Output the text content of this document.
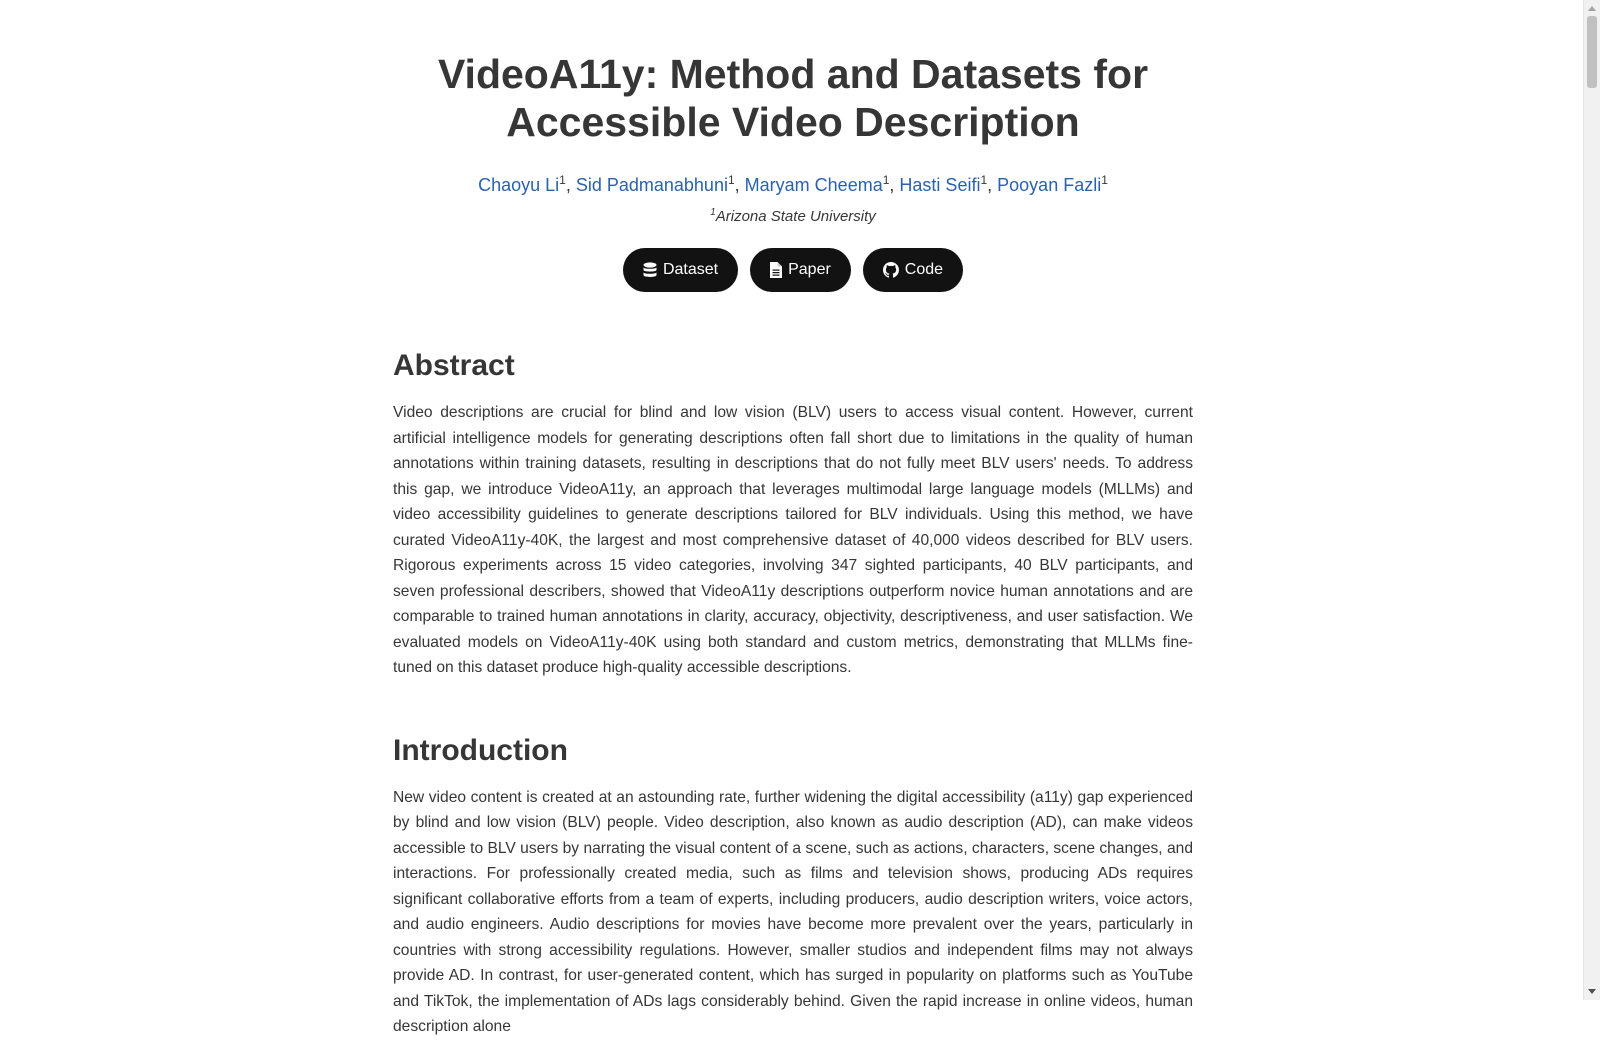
VideoA11y: Method and Datasets for Accessible Video Description
Chaoyu Li$^1$, Sid Padmanabhuni$^1$, Maryam Cheema$^1$, Hasti Seifi$^1$, Pooyan Fazli$^1$
$^1$Arizona State University
Dataset
	Paper
	Code
Abstract

Video descriptions are crucial for blind and low vision (BLV) users to access visual content. However, current artificial intelligence models for generating descriptions often fall short due to limitations in the quality of human annotations within training datasets, resulting in descriptions that do not fully meet BLV users' needs. To address this gap, we introduce VideoA11y, an approach that leverages multimodal large language models (MLLMs) and video accessibility guidelines to generate descriptions tailored for BLV individuals. Using this method, we have curated VideoA11y-40K, the largest and most comprehensive dataset of 40,000 videos described for BLV users. Rigorous experiments across 15 video categories, involving 347 sighted participants, 40 BLV participants, and seven professional describers, showed that VideoA11y descriptions outperform novice human annotations and are comparable to trained human annotations in clarity, accuracy, objectivity, descriptiveness, and user satisfaction. We evaluated models on VideoA11y-40K using both standard and custom metrics, demonstrating that MLLMs fine-tuned on this dataset produce high-quality accessible descriptions.

Introduction

New video content is created at an astounding rate, further widening the digital accessibility (a11y) gap experienced by blind and low vision (BLV) people. Video description, also known as audio description (AD), can make videos accessible to BLV users by narrating the visual content of a scene, such as actions, characters, scene changes, and interactions. For professionally created media, such as films and television shows, producing ADs requires significant collaborative efforts from a team of experts, including producers, audio description writers, voice actors, and audio engineers. Audio descriptions for movies have become more prevalent over the years, particularly in countries with strong accessibility regulations. However, smaller studios and independent films may not always provide AD. In contrast, for user-generated content, which has surged in popularity on platforms such as YouTube and TikTok, the implementation of ADs lags considerably behind. Given the rapid increase in online videos, human description alone
